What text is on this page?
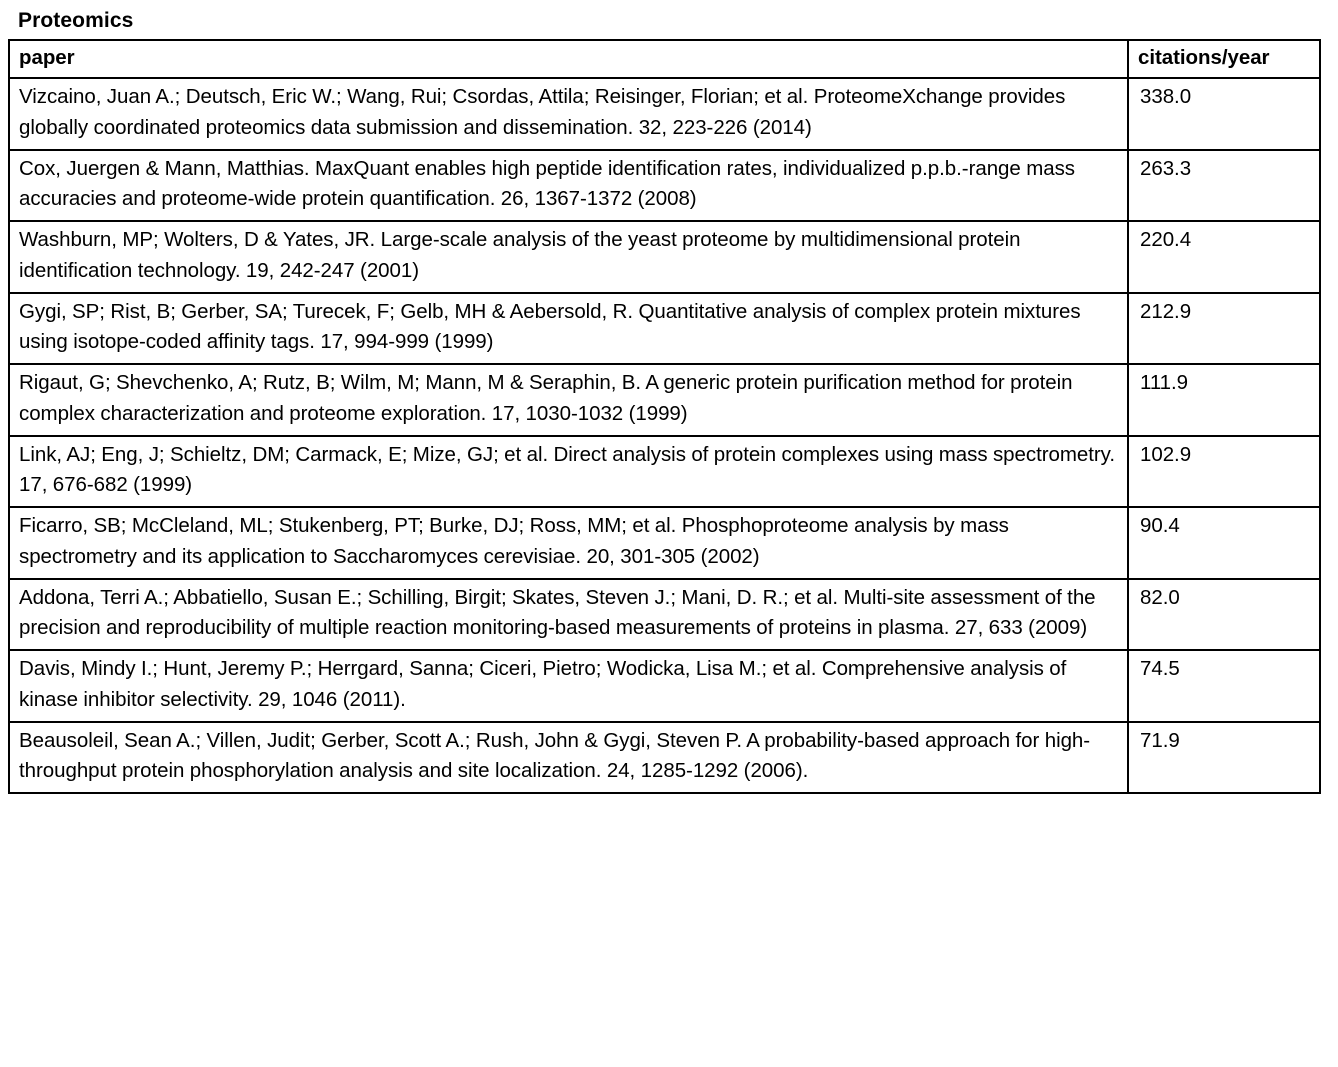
Proteomics
paper	citations/year
Vizcaino, Juan A.; Deutsch, Eric W.; Wang, Rui; Csordas, Attila; Reisinger, Florian; et al. ProteomeXchange provides globally coordinated proteomics data submission and dissemination. 32, 223-226 (2014)	338.0
Cox, Juergen & Mann, Matthias. MaxQuant enables high peptide identification rates, individualized p.p.b.-range mass accuracies and proteome-wide protein quantification. 26, 1367-1372 (2008)	263.3
Washburn, MP; Wolters, D & Yates, JR. Large-scale analysis of the yeast proteome by multidimensional protein identification technology. 19, 242-247 (2001)	220.4
Gygi, SP; Rist, B; Gerber, SA; Turecek, F; Gelb, MH & Aebersold, R. Quantitative analysis of complex protein mixtures using isotope-coded affinity tags. 17, 994-999 (1999)	212.9
Rigaut, G; Shevchenko, A; Rutz, B; Wilm, M; Mann, M & Seraphin, B. A generic protein purification method for protein complex characterization and proteome exploration. 17, 1030-1032 (1999)	111.9
Link, AJ; Eng, J; Schieltz, DM; Carmack, E; Mize, GJ; et al. Direct analysis of protein complexes using mass spectrometry. 17, 676-682 (1999)	102.9
Ficarro, SB; McCleland, ML; Stukenberg, PT; Burke, DJ; Ross, MM; et al. Phosphoproteome analysis by mass spectrometry and its application to Saccharomyces cerevisiae. 20, 301-305 (2002)	90.4
Addona, Terri A.; Abbatiello, Susan E.; Schilling, Birgit; Skates, Steven J.; Mani, D. R.; et al. Multi-site assessment of the precision and reproducibility of multiple reaction monitoring-based measurements of proteins in plasma. 27, 633 (2009)	82.0
Davis, Mindy I.; Hunt, Jeremy P.; Herrgard, Sanna; Ciceri, Pietro; Wodicka, Lisa M.; et al. Comprehensive analysis of kinase inhibitor selectivity. 29, 1046 (2011).	74.5
Beausoleil, Sean A.; Villen, Judit; Gerber, Scott A.; Rush, John & Gygi, Steven P. A probability-based approach for high-throughput protein phosphorylation analysis and site localization. 24, 1285-1292 (2006).	71.9
